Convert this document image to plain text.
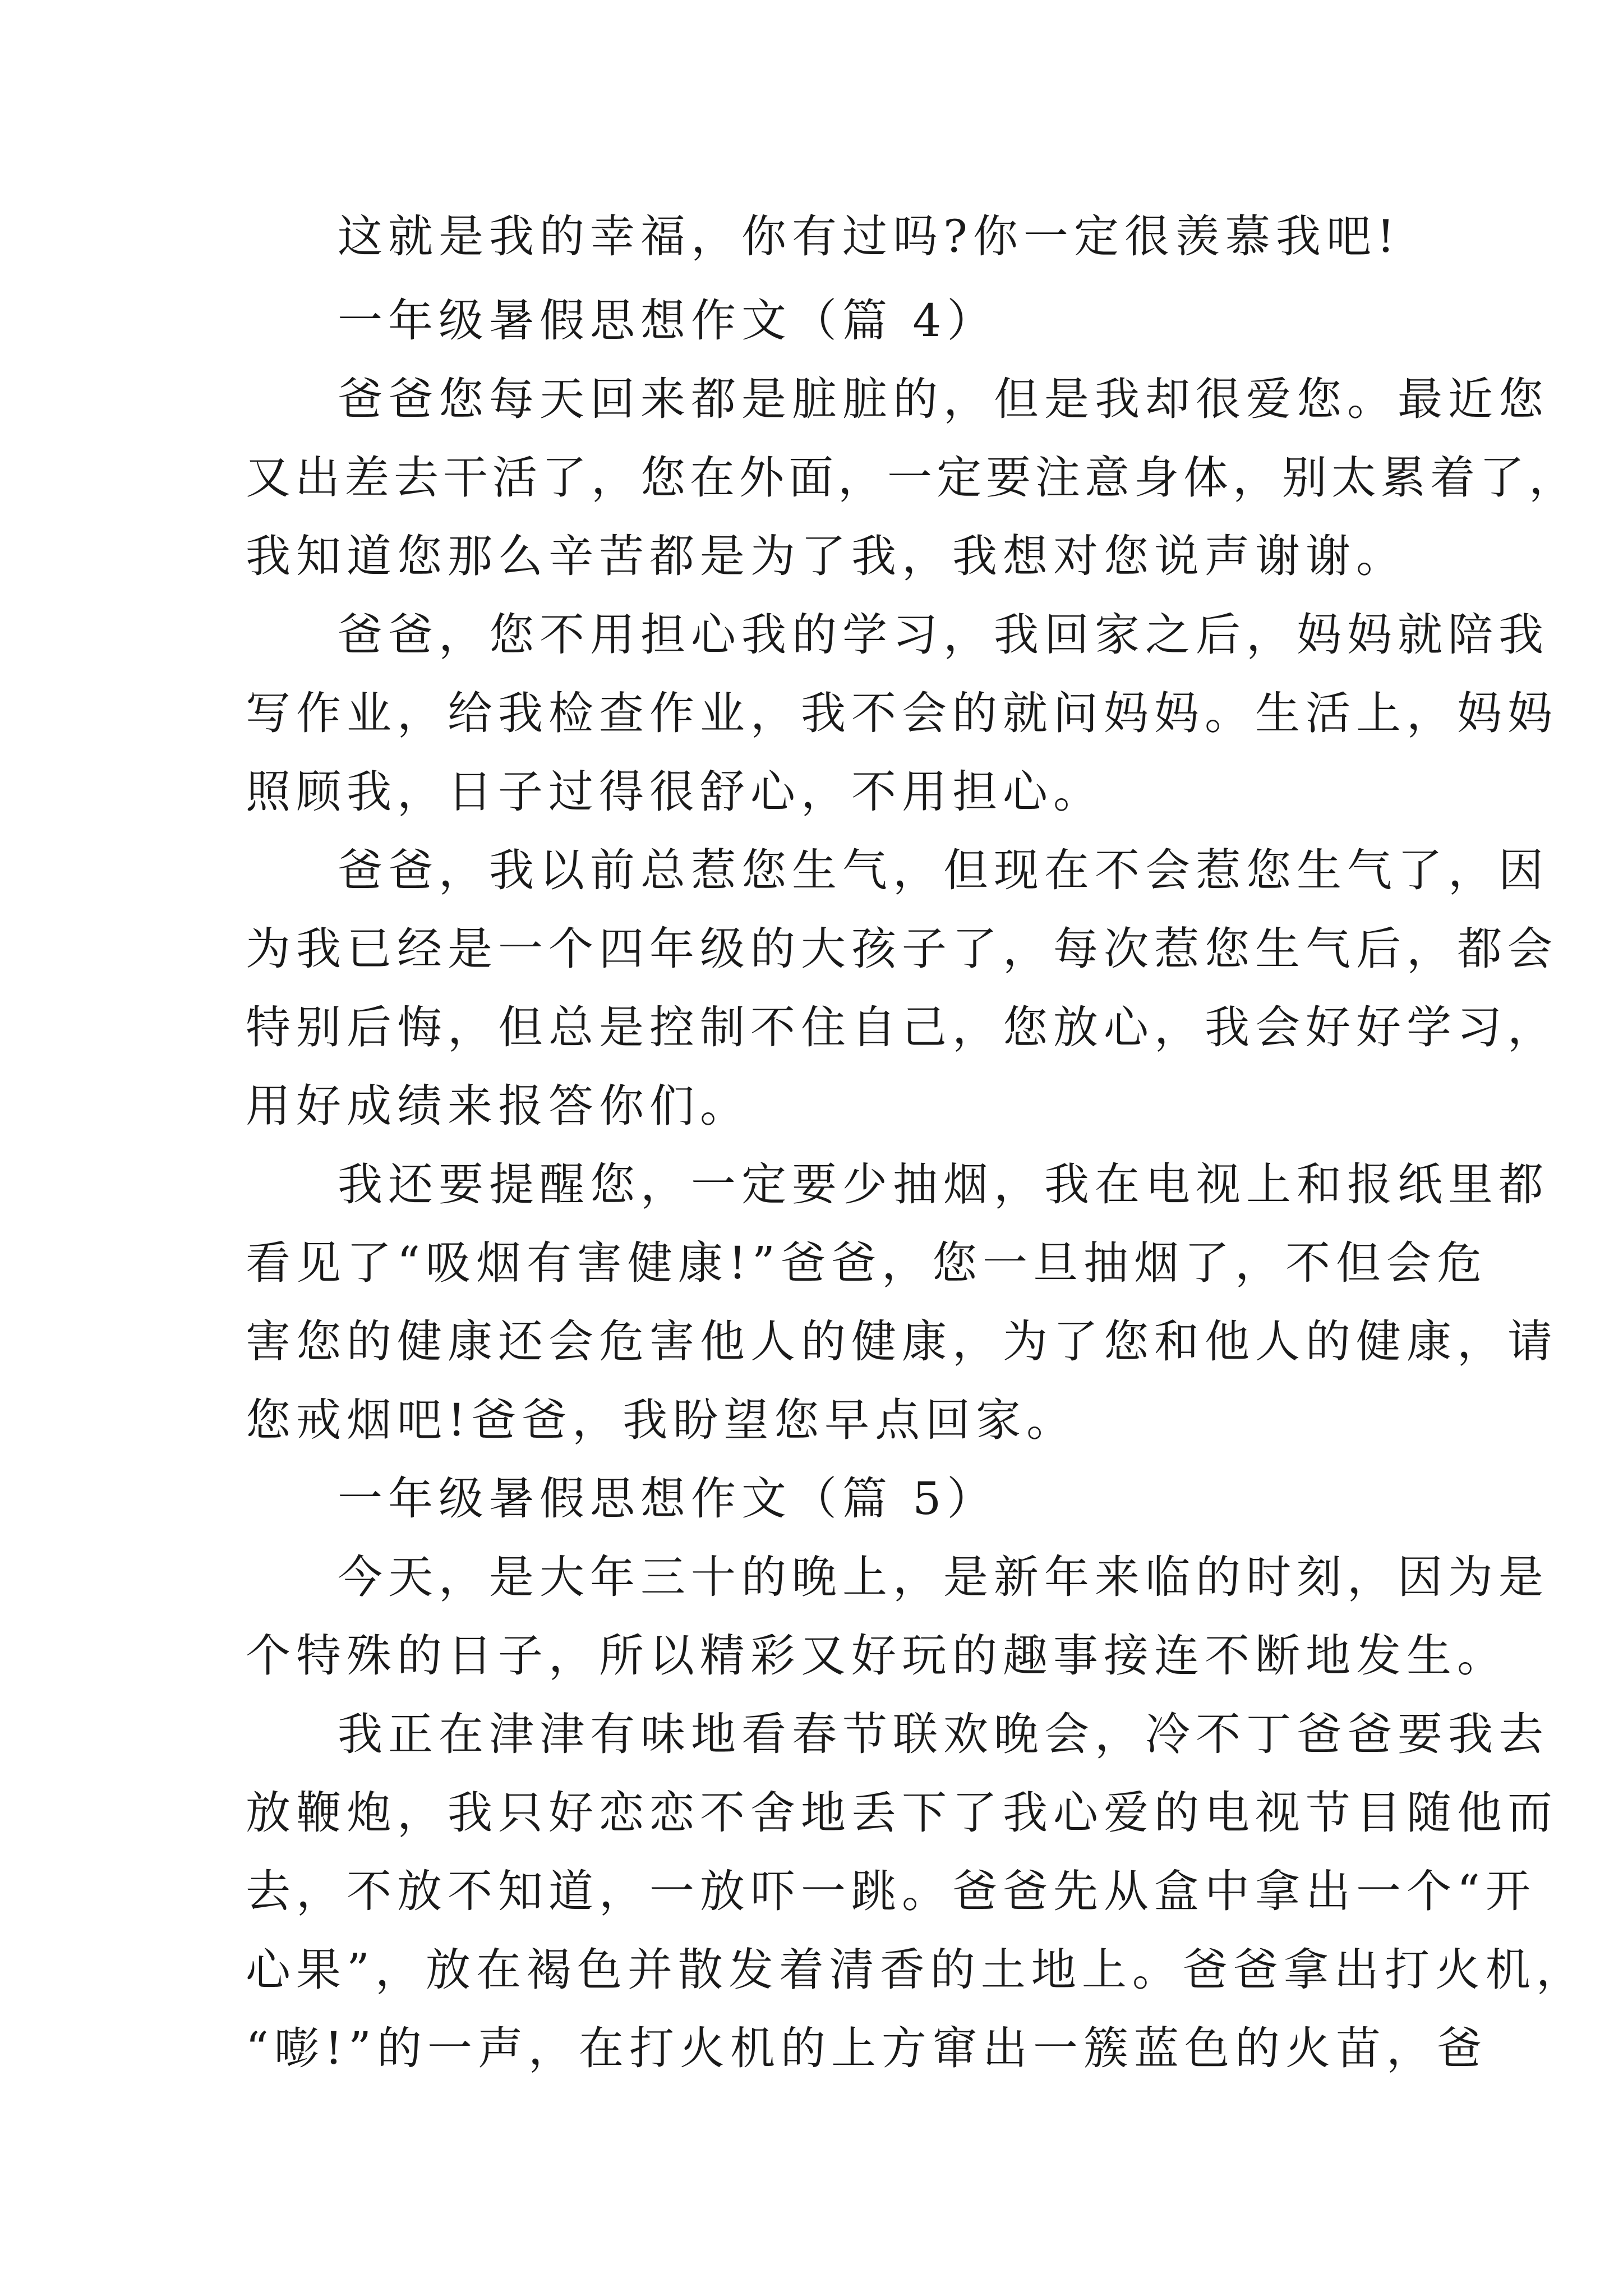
这就是我的幸福，你有过吗?你一定很羡慕我吧!

一年级暑假思想作文（篇 4）

爸爸您每天回来都是脏脏的，但是我却很爱您。最近您

又出差去干活了，您在外面，一定要注意身体，别太累着了，

我知道您那么辛苦都是为了我，我想对您说声谢谢。

爸爸，您不用担心我的学习，我回家之后，妈妈就陪我

写作业，给我检查作业，我不会的就问妈妈。生活上，妈妈

照顾我，日子过得很舒心，不用担心。

爸爸，我以前总惹您生气，但现在不会惹您生气了，因

为我已经是一个四年级的大孩子了，每次惹您生气后，都会

特别后悔，但总是控制不住自己，您放心，我会好好学习，

用好成绩来报答你们。

我还要提醒您，一定要少抽烟，我在电视上和报纸里都

看见了“吸烟有害健康!”爸爸，您一旦抽烟了，不但会危

害您的健康还会危害他人的健康，为了您和他人的健康，请

您戒烟吧!爸爸，我盼望您早点回家。

一年级暑假思想作文（篇 5）

今天，是大年三十的晚上，是新年来临的时刻，因为是

个特殊的日子，所以精彩又好玩的趣事接连不断地发生。

我正在津津有味地看春节联欢晚会，冷不丁爸爸要我去

放鞭炮，我只好恋恋不舍地丢下了我心爱的电视节目随他而

去，不放不知道，一放吓一跳。爸爸先从盒中拿出一个“开

心果”，放在褐色并散发着清香的土地上。爸爸拿出打火机，

“嘭!”的一声，在打火机的上方窜出一簇蓝色的火苗，爸
